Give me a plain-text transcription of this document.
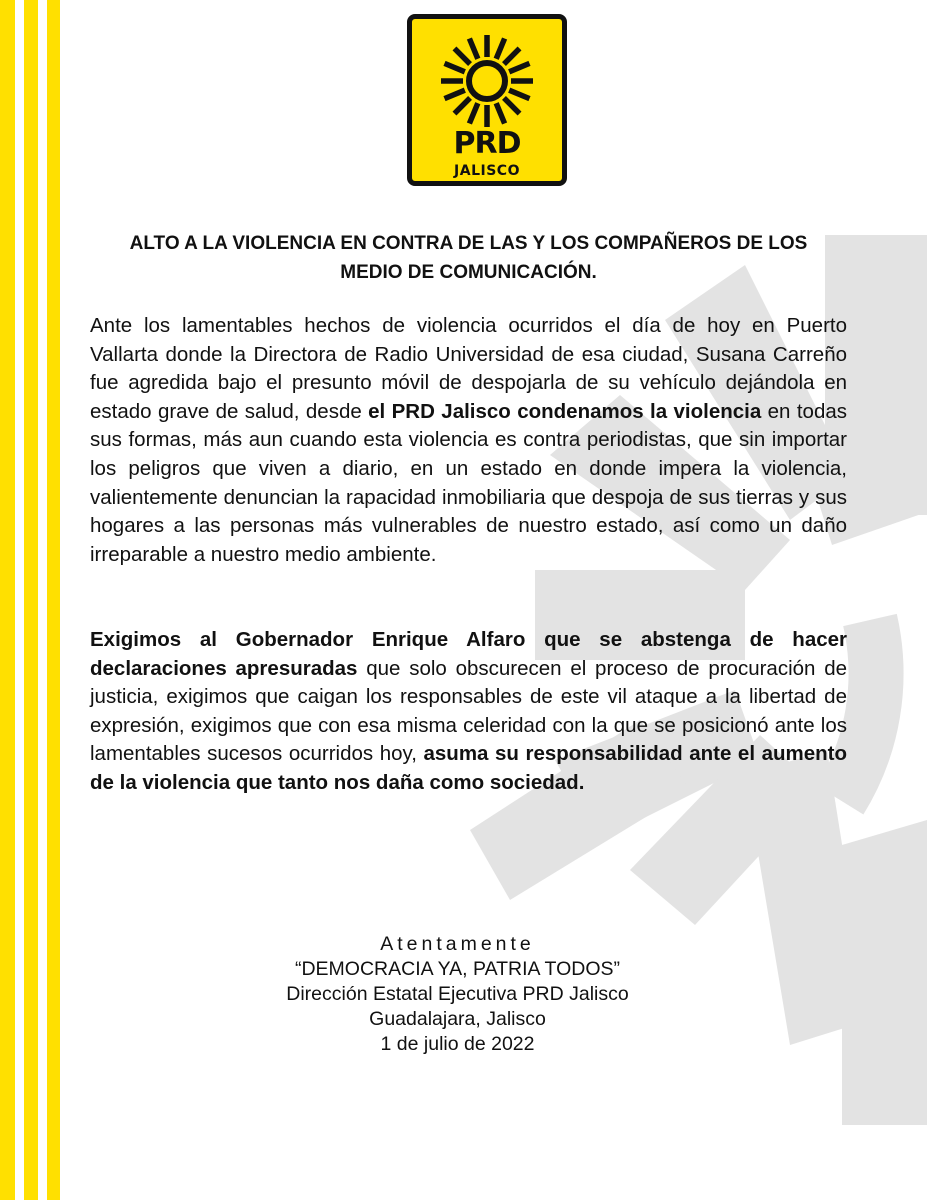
PRD
JALISCO
ALTO A LA VIOLENCIA EN CONTRA DE LAS Y LOS COMPAÑEROS DE LOS
MEDIO DE COMUNICACIÓN.
Ante los lamentables hechos de violencia ocurridos el día de hoy en Puerto Vallarta donde la Directora de Radio Universidad de esa ciudad, Susana Carreño fue agredida bajo el presunto móvil de despojarla de su vehículo dejándola en estado grave de salud, desde el PRD Jalisco condenamos la violencia en todas sus formas, más aun cuando esta violencia es contra periodistas, que sin importar los peligros que viven a diario, en un estado en donde impera la violencia, valientemente denuncian la rapacidad inmobiliaria que despoja de sus tierras y sus hogares a las personas más vulnerables de nuestro estado, así como un daño irreparable a nuestro medio ambiente.
Exigimos al Gobernador Enrique Alfaro que se abstenga de hacer declaraciones apresuradas que solo obscurecen el proceso de procuración de justicia, exigimos que caigan los responsables de este vil ataque a la libertad de expresión, exigimos que con esa misma celeridad con la que se posicionó ante los lamentables sucesos ocurridos hoy, asuma su responsabilidad ante el aumento de la violencia que tanto nos daña como sociedad.
Atentamente
“DEMOCRACIA YA, PATRIA TODOS”
Dirección Estatal Ejecutiva PRD Jalisco
Guadalajara, Jalisco
1 de julio de 2022
